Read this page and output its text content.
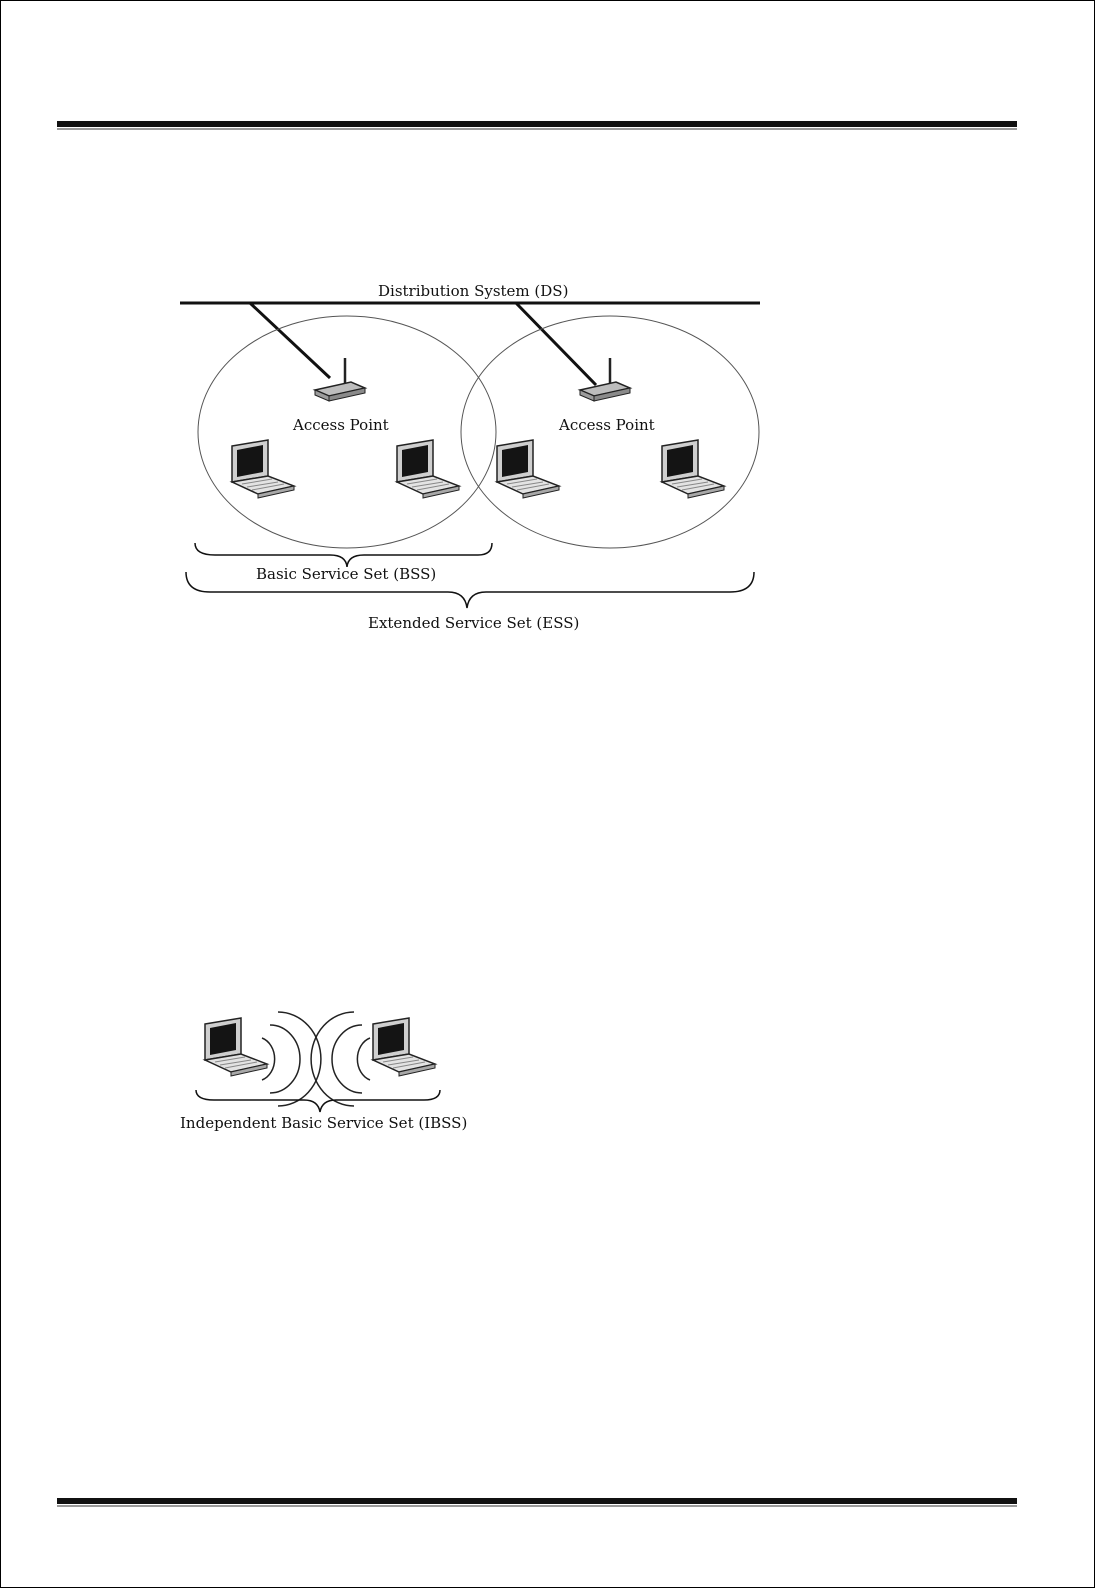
Distribution System (DS)
Access Point	Access Point
Basic Service Set (BSS)
Extended Service Set (ESS)
Independent Basic Service Set (IBSS)
